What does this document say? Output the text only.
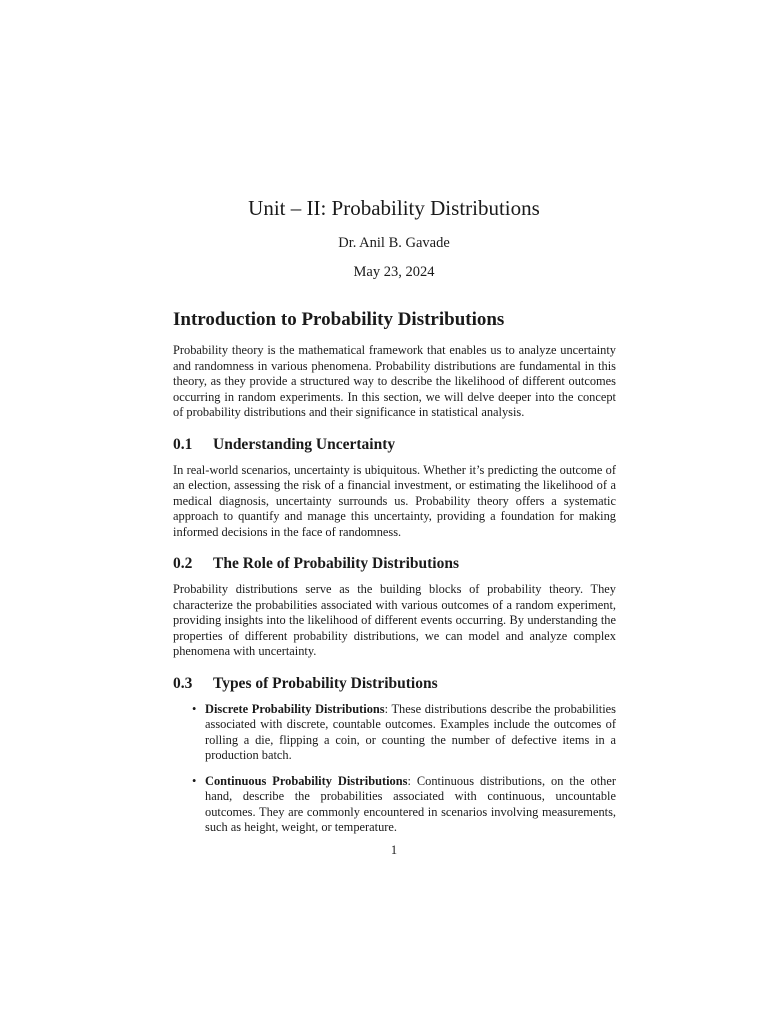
Unit – II: Probability Distributions
Dr. Anil B. Gavade
May 23, 2024
Introduction to Probability Distributions

Probability theory is the mathematical framework that enables us to analyze uncertainty and randomness in various phenomena. Probability distributions are fundamental in this theory, as they provide a structured way to describe the likelihood of different outcomes occurring in random experiments. In this section, we will delve deeper into the concept of probability distributions and their significance in statistical analysis.

0.1 Understanding Uncertainty

In real-world scenarios, uncertainty is ubiquitous. Whether it’s predicting the outcome of an election, assessing the risk of a financial investment, or estimating the likelihood of a medical diagnosis, uncertainty surrounds us. Probability theory offers a systematic approach to quantify and manage this uncertainty, providing a foundation for making informed decisions in the face of randomness.

0.2 The Role of Probability Distributions

Probability distributions serve as the building blocks of probability theory. They characterize the probabilities associated with various outcomes of a random experiment, providing insights into the likelihood of different events occurring. By understanding the properties of different probability distributions, we can model and analyze complex phenomena with uncertainty.

0.3 Types of Probability Distributions
• Discrete Probability Distributions: These distributions describe the probabilities associated with discrete, countable outcomes. Examples include the outcomes of rolling a die, flipping a coin, or counting the number of defective items in a production batch.
• Continuous Probability Distributions: Continuous distributions, on the other hand, describe the probabilities associated with continuous, uncountable outcomes. They are commonly encountered in scenarios involving measurements, such as height, weight, or temperature.
1
